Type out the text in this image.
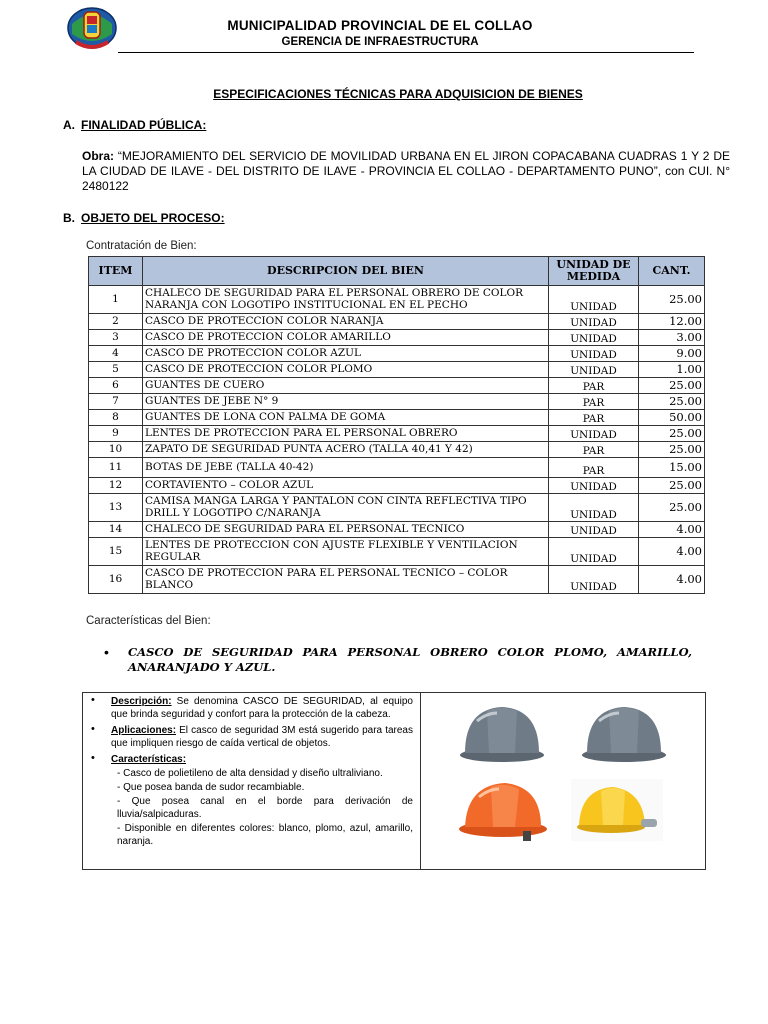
MUNICIPALIDAD PROVINCIAL DE EL COLLAO
GERENCIA DE INFRAESTRUCTURA
ESPECIFICACIONES TÉCNICAS PARA ADQUISICION DE BIENES
A. FINALIDAD PÚBLICA:
Obra: “MEJORAMIENTO DEL SERVICIO DE MOVILIDAD URBANA EN EL JIRON COPACABANA CUADRAS 1 Y 2 DE LA CIUDAD DE ILAVE - DEL DISTRITO DE ILAVE - PROVINCIA EL COLLAO - DEPARTAMENTO PUNO”, con CUI. N° 2480122
B. OBJETO DEL PROCESO:
Contratación de Bien:
ITEM	DESCRIPCION DEL BIEN	UNIDAD DE MEDIDA	CANT.
1	CHALECO DE SEGURIDAD PARA EL PERSONAL OBRERO DE COLOR NARANJA CON LOGOTIPO INSTITUCIONAL EN EL PECHO	UNIDAD	25.00
2	CASCO DE PROTECCION COLOR NARANJA	UNIDAD	12.00
3	CASCO DE PROTECCION COLOR AMARILLO	UNIDAD	3.00
4	CASCO DE PROTECCION COLOR AZUL	UNIDAD	9.00
5	CASCO DE PROTECCION COLOR PLOMO	UNIDAD	1.00
6	GUANTES DE CUERO	PAR	25.00
7	GUANTES DE JEBE N° 9	PAR	25.00
8	GUANTES DE LONA CON PALMA DE GOMA	PAR	50.00
9	LENTES DE PROTECCION PARA EL PERSONAL OBRERO	UNIDAD	25.00
10	ZAPATO DE SEGURIDAD PUNTA ACERO (TALLA 40,41 Y 42)	PAR	25.00
11	BOTAS DE JEBE (TALLA 40-42)	PAR	15.00
12	CORTAVIENTO – COLOR AZUL	UNIDAD	25.00
13	CAMISA MANGA LARGA Y PANTALON CON CINTA REFLECTIVA TIPO DRILL Y LOGOTIPO C/NARANJA	UNIDAD	25.00
14	CHALECO DE SEGURIDAD PARA EL PERSONAL TECNICO	UNIDAD	4.00
15	LENTES DE PROTECCION CON AJUSTE FLEXIBLE Y VENTILACION REGULAR	UNIDAD	4.00
16	CASCO DE PROTECCION PARA EL PERSONAL TECNICO – COLOR BLANCO	UNIDAD	4.00
Características del Bien:
• CASCO DE SEGURIDAD PARA PERSONAL OBRERO COLOR PLOMO, AMARILLO, ANARANJADO Y AZUL.
• Descripción: Se denomina CASCO DE SEGURIDAD, al equipo que brinda seguridad y confort para la protección de la cabeza.
• Aplicaciones: El casco de seguridad 3M está sugerido para tareas que impliquen riesgo de caída vertical de objetos.
• Características:
- Casco de polietileno de alta densidad y diseño ultraliviano.
- Que posea banda de sudor recambiable.
- Que posea canal en el borde para derivación de lluvia/salpicaduras.
- Disponible en diferentes colores: blanco, plomo, azul, amarillo, naranja.
